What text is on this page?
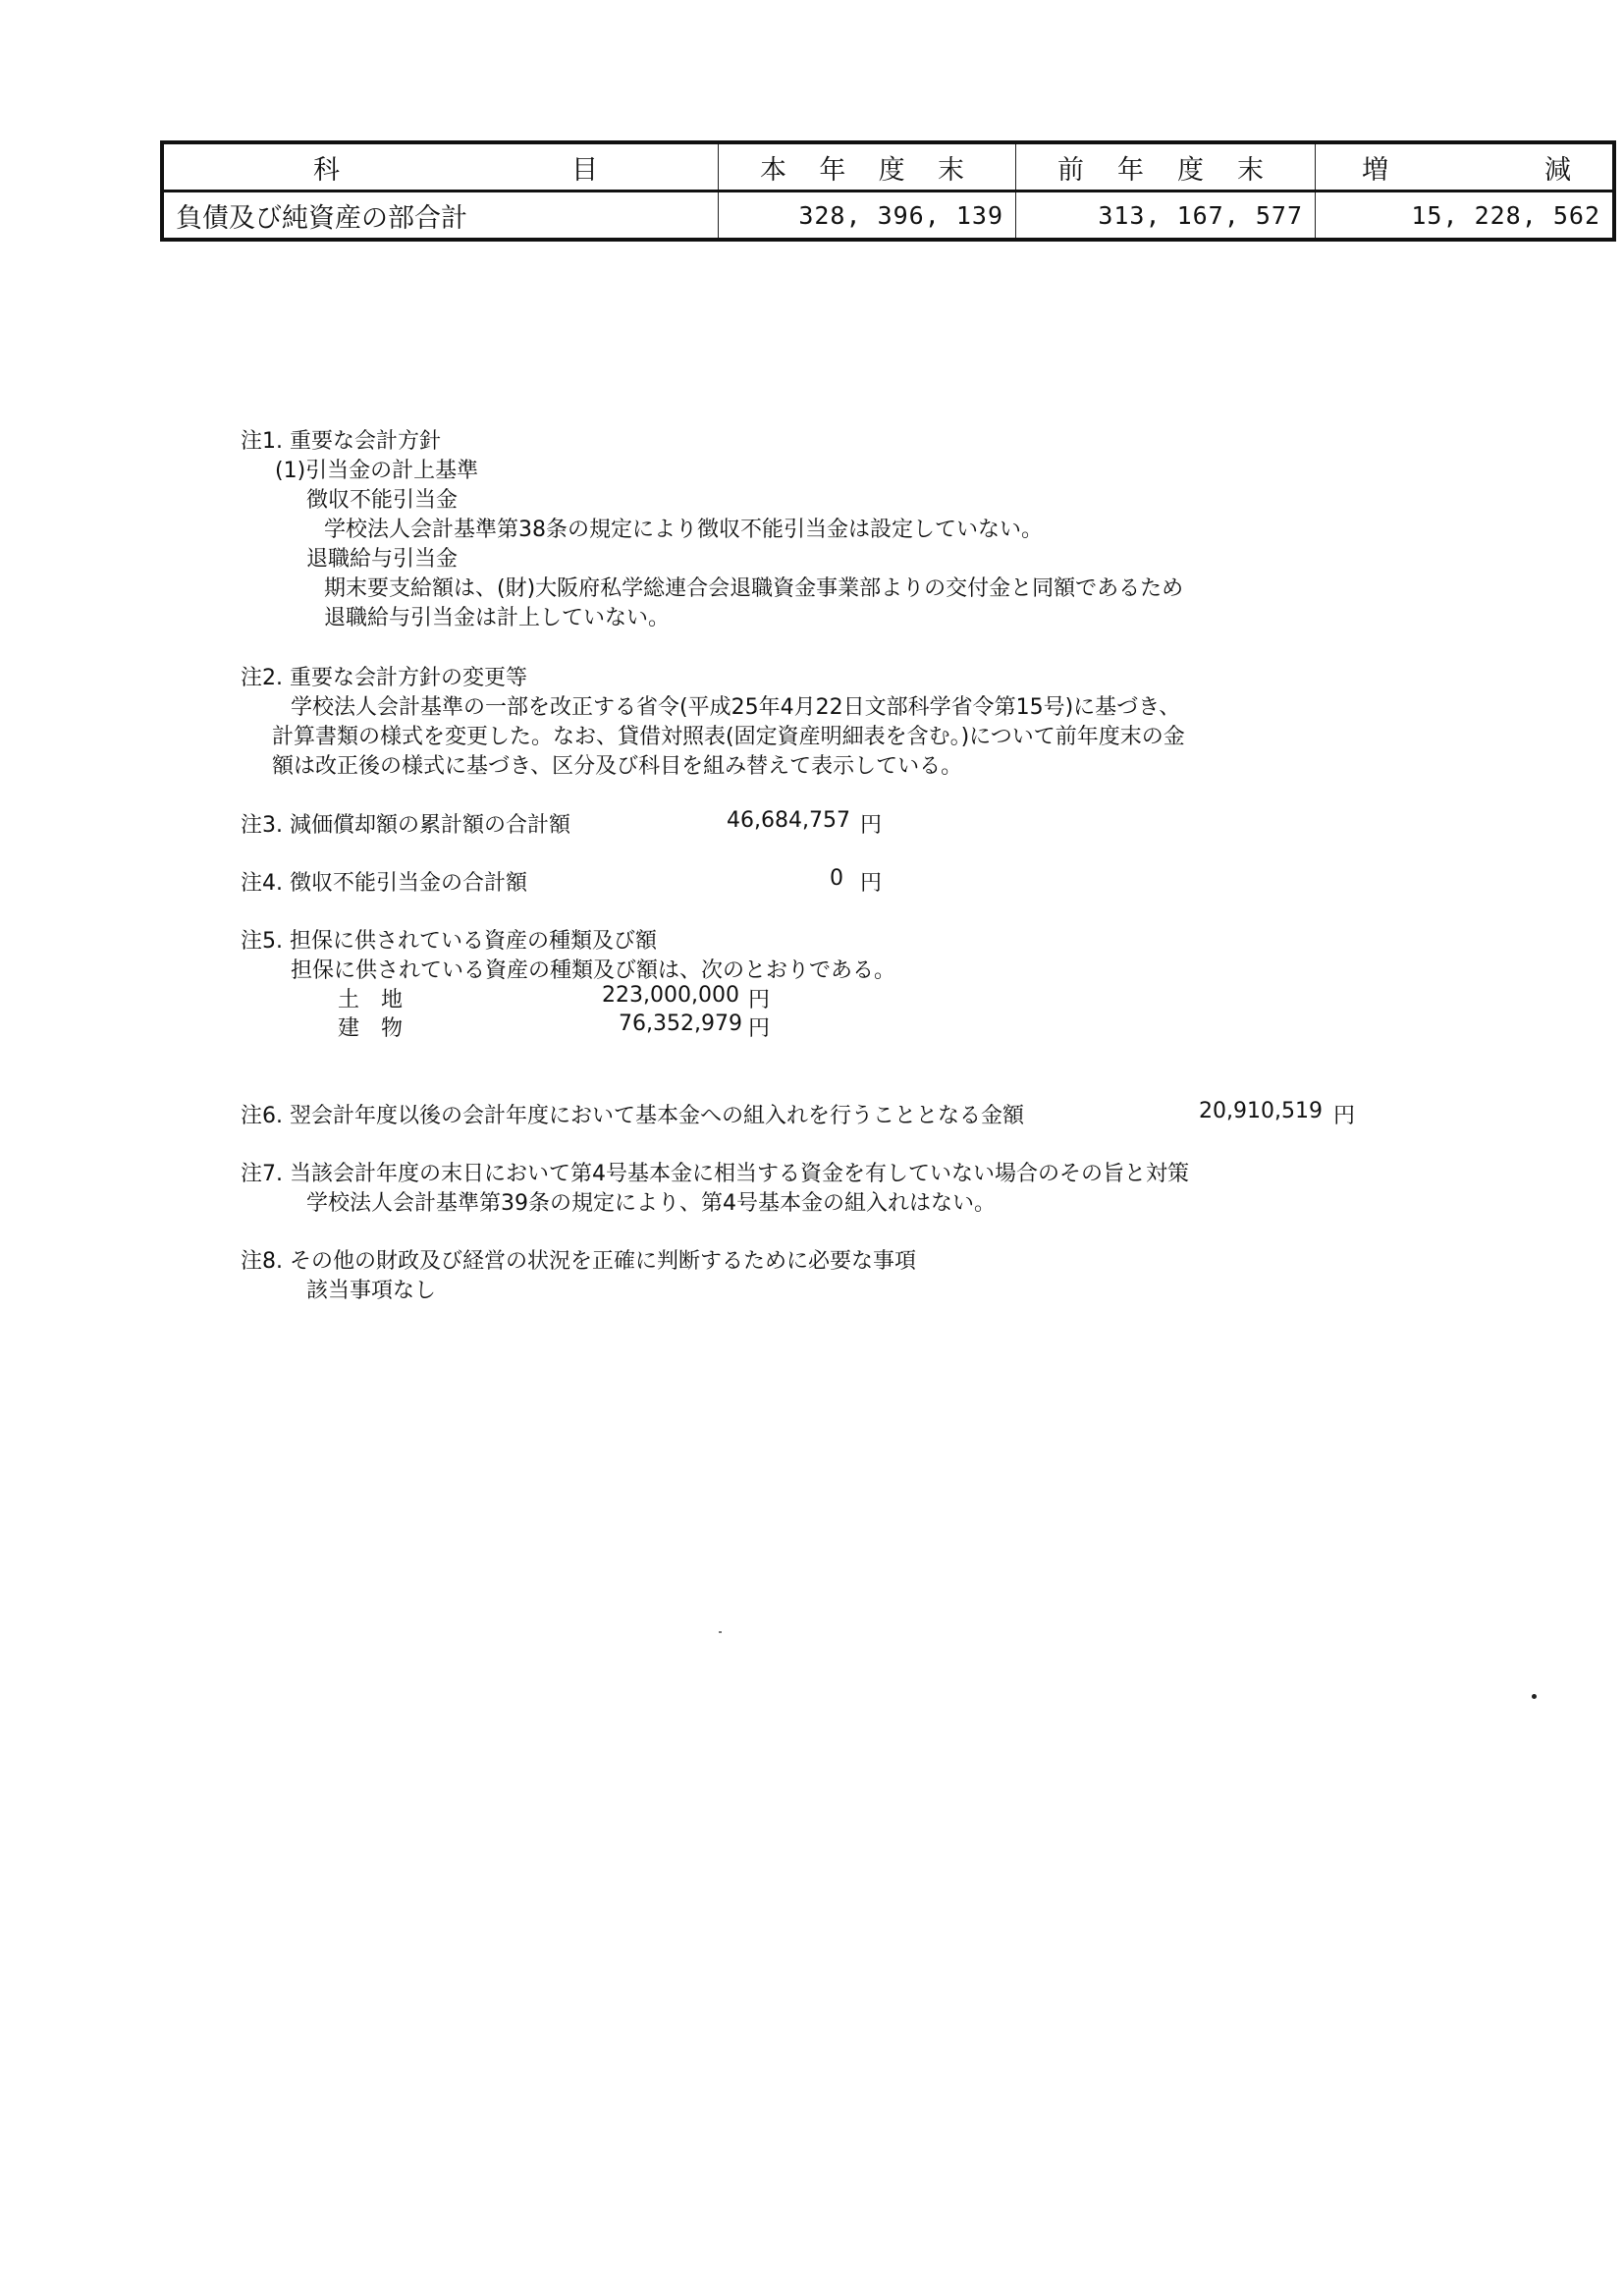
科 目	本 年 度 末	前 年 度 末	増 減

負債及び純資産の部合計	328, 396, 139	313, 167, 577	15, 228, 562
注1. 重要な会計方針
(1)引当金の計上基準
徴収不能引当金
学校法人会計基準第38条の規定により徴収不能引当金は設定していない。
退職給与引当金
期末要支給額は、(財)大阪府私学総連合会退職資金事業部よりの交付金と同額であるため
退職給与引当金は計上していない。
注2. 重要な会計方針の変更等
学校法人会計基準の一部を改正する省令(平成25年4月22日文部科学省令第15号)に基づき、
計算書類の様式を変更した。なお、貸借対照表(固定資産明細表を含む。)について前年度末の金
額は改正後の様式に基づき、区分及び科目を組み替えて表示している。
注3. 減価償却額の累計額の合計額	46,684,757 円
注4. 徴収不能引当金の合計額	0 円
注5. 担保に供されている資産の種類及び額
担保に供されている資産の種類及び額は、次のとおりである。
土　地	223,000,000 円
建　物	76,352,979 円
注6. 翌会計年度以後の会計年度において基本金への組入れを行うこととなる金額	20,910,519 円
注7. 当該会計年度の末日において第4号基本金に相当する資金を有していない場合のその旨と対策
学校法人会計基準第39条の規定により、第4号基本金の組入れはない。
注8. その他の財政及び経営の状況を正確に判断するために必要な事項
該当事項なし
